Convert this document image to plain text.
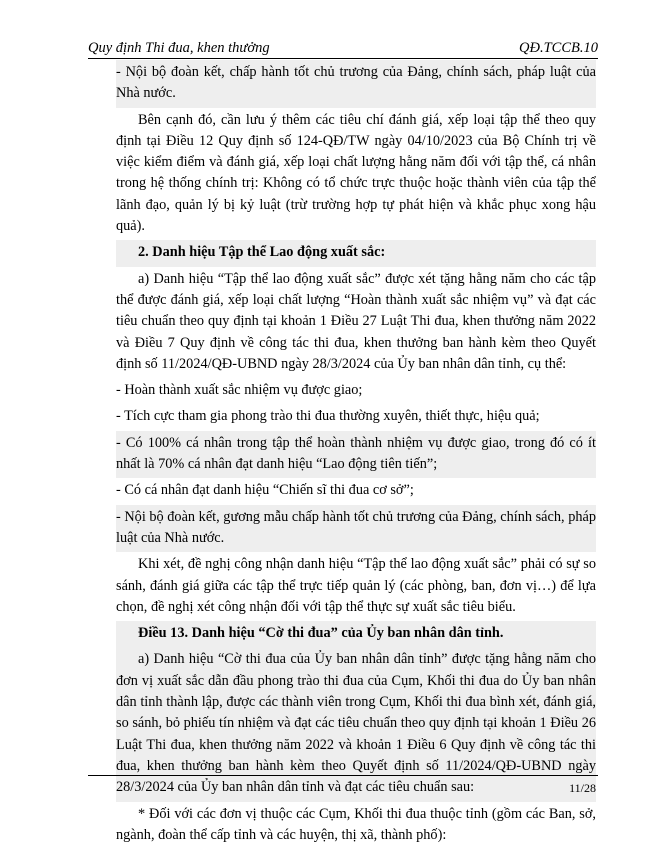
Quy định Thi đua, khen thưởng	QĐ.TCCB.10

- Nội bộ đoàn kết, chấp hành tốt chủ trương của Đảng, chính sách, pháp luật của Nhà nước.

Bên cạnh đó, cần lưu ý thêm các tiêu chí đánh giá, xếp loại tập thể theo quy định tại Điều 12 Quy định số 124-QĐ/TW ngày 04/10/2023 của Bộ Chính trị về việc kiểm điểm và đánh giá, xếp loại chất lượng hằng năm đối với tập thể, cá nhân trong hệ thống chính trị: Không có tổ chức trực thuộc hoặc thành viên của tập thể lãnh đạo, quản lý bị kỷ luật (trừ trường hợp tự phát hiện và khắc phục xong hậu quả).

2. Danh hiệu Tập thể Lao động xuất sắc:

a) Danh hiệu “Tập thể lao động xuất sắc” được xét tặng hằng năm cho các tập thể được đánh giá, xếp loại chất lượng “Hoàn thành xuất sắc nhiệm vụ” và đạt các tiêu chuẩn theo quy định tại khoản 1 Điều 27 Luật Thi đua, khen thưởng năm 2022 và Điều 7 Quy định về công tác thi đua, khen thưởng ban hành kèm theo Quyết định số 11/2024/QĐ-UBND ngày 28/3/2024 của Ủy ban nhân dân tỉnh, cụ thể:

- Hoàn thành xuất sắc nhiệm vụ được giao;

- Tích cực tham gia phong trào thi đua thường xuyên, thiết thực, hiệu quả;

- Có 100% cá nhân trong tập thể hoàn thành nhiệm vụ được giao, trong đó có ít nhất là 70% cá nhân đạt danh hiệu “Lao động tiên tiến”;

- Có cá nhân đạt danh hiệu “Chiến sĩ thi đua cơ sở”;

- Nội bộ đoàn kết, gương mẫu chấp hành tốt chủ trương của Đảng, chính sách, pháp luật của Nhà nước.

Khi xét, đề nghị công nhận danh hiệu “Tập thể lao động xuất sắc” phải có sự so sánh, đánh giá giữa các tập thể trực tiếp quản lý (các phòng, ban, đơn vị…) để lựa chọn, đề nghị xét công nhận đối với tập thể thực sự xuất sắc tiêu biểu.

Điều 13. Danh hiệu “Cờ thi đua” của Ủy ban nhân dân tỉnh.

a) Danh hiệu “Cờ thi đua của Ủy ban nhân dân tỉnh” được tặng hằng năm cho đơn vị xuất sắc dẫn đầu phong trào thi đua của Cụm, Khối thi đua do Ủy ban nhân dân tỉnh thành lập, được các thành viên trong Cụm, Khối thi đua bình xét, đánh giá, so sánh, bỏ phiếu tín nhiệm và đạt các tiêu chuẩn theo quy định tại khoản 1 Điều 26 Luật Thi đua, khen thưởng năm 2022 và khoản 1 Điều 6 Quy định về công tác thi đua, khen thưởng ban hành kèm theo Quyết định số 11/2024/QĐ-UBND ngày 28/3/2024 của Ủy ban nhân dân tỉnh và đạt các tiêu chuẩn sau:

* Đối với các đơn vị thuộc các Cụm, Khối thi đua thuộc tỉnh (gồm các Ban, sở, ngành, đoàn thể cấp tỉnh và các huyện, thị xã, thành phố):

11/28
